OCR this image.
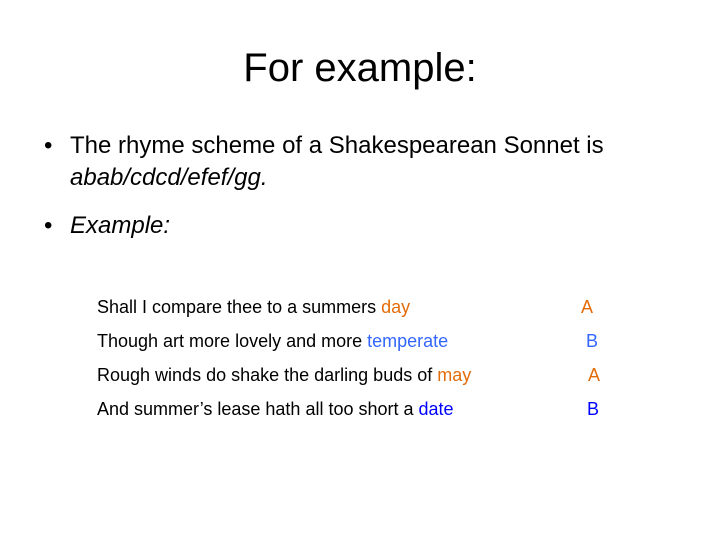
For example:
• The rhyme scheme of a Shakespearean Sonnet is abab/cdcd/efef/gg.
• Example:
Shall I compare thee to a summers day	A
Though art more lovely and more temperate	B
Rough winds do shake the darling buds of may	A
And summer’s lease hath all too short a date	B
